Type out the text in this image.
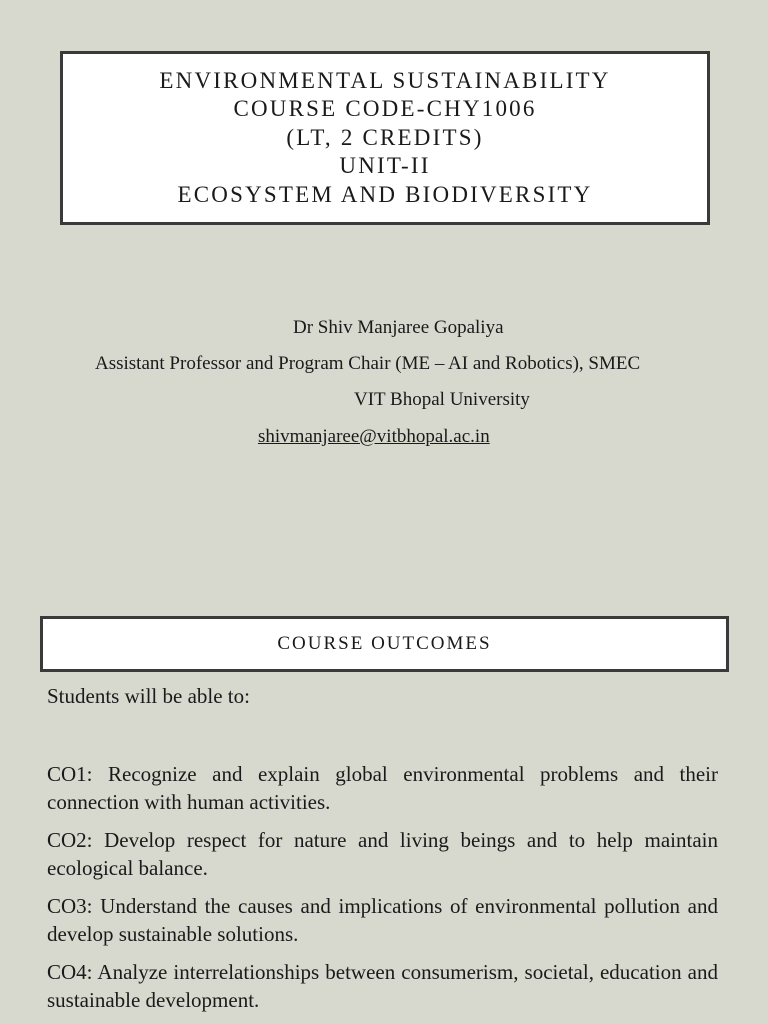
ENVIRONMENTAL SUSTAINABILITY
COURSE CODE-CHY1006
(LT, 2 CREDITS)
UNIT-II
ECOSYSTEM AND BIODIVERSITY
Dr Shiv Manjaree Gopaliya
Assistant Professor and Program Chair (ME – AI and Robotics), SMEC
VIT Bhopal University
shivmanjaree@vitbhopal.ac.in
COURSE OUTCOMES
Students will be able to:
CO1: Recognize and explain global environmental problems and their connection with human activities.
CO2: Develop respect for nature and living beings and to help maintain ecological balance.
CO3: Understand the causes and implications of environmental pollution and develop sustainable solutions.
CO4: Analyze interrelationships between consumerism, societal, education and sustainable development.
